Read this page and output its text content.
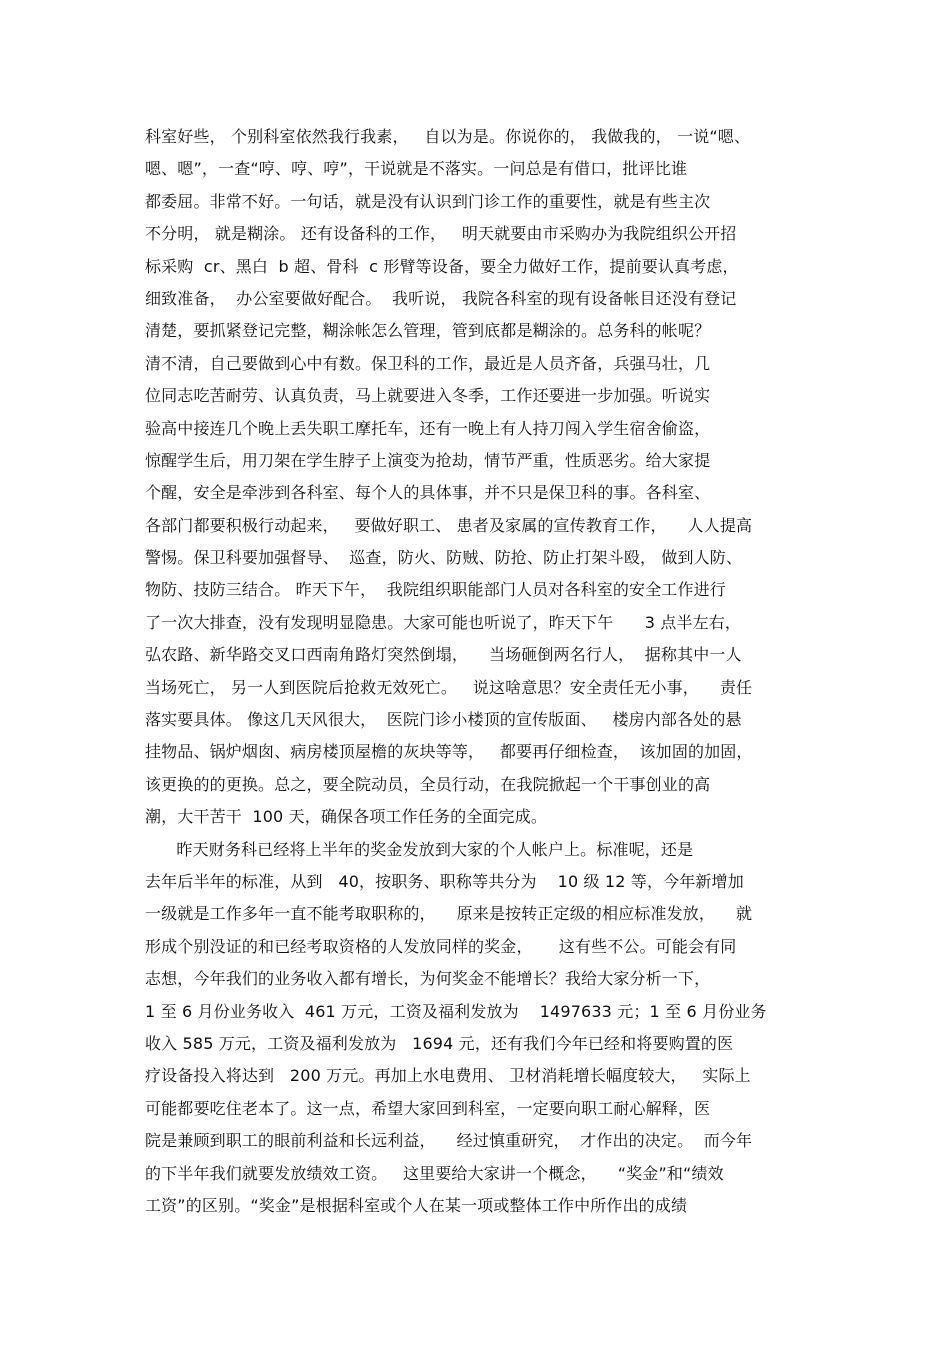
科室好些， 个别科室依然我行我素，   自以为是。你说你的， 我做我的， 一说“嗯、
嗯、嗯”，一查“哼、哼、哼”，干说就是不落实。一问总是有借口，批评比谁
都委屈。非常不好。一句话，就是没有认识到门诊工作的重要性，就是有些主次
不分明， 就是糊涂。 还有设备科的工作，   明天就要由市采购办为我院组织公开招
标采购  cr、黑白  b 超、骨科  c 形臂等设备，要全力做好工作，提前要认真考虑，
细致准备，  办公室要做好配合。  我听说， 我院各科室的现有设备帐目还没有登记
清楚，要抓紧登记完整，糊涂帐怎么管理，管到底都是糊涂的。总务科的帐呢？
清不清，自己要做到心中有数。保卫科的工作，最近是人员齐备，兵强马壮，几
位同志吃苦耐劳、认真负责，马上就要进入冬季，工作还要进一步加强。听说实
验高中接连几个晚上丢失职工摩托车，还有一晚上有人持刀闯入学生宿舍偷盗，
惊醒学生后，用刀架在学生脖子上演变为抢劫，情节严重，性质恶劣。给大家提
个醒，安全是牵涉到各科室、每个人的具体事，并不只是保卫科的事。各科室、
各部门都要积极行动起来，   要做好职工、 患者及家属的宣传教育工作，    人人提高
警惕。保卫科要加强督导、  巡查，防火、防贼、防抢、防止打架斗殴， 做到人防、
物防、技防三结合。 昨天下午，  我院组织职能部门人员对各科室的安全工作进行
了一次大排查，没有发现明显隐患。大家可能也听说了，昨天下午      3 点半左右，
弘农路、新华路交叉口西南角路灯突然倒塌，    当场砸倒两名行人，  据称其中一人
当场死亡， 另一人到医院后抢救无效死亡。   说这啥意思？安全责任无小事，    责任
落实要具体。 像这几天风很大，  医院门诊小楼顶的宣传版面、   楼房内部各处的悬
挂物品、锅炉烟囱、病房楼顶屋檐的灰块等等，   都要再仔细检查，  该加固的加固，
该更换的的更换。总之，要全院动员，全员行动，在我院掀起一个干事创业的高
潮，大干苦干  100 天，确保各项工作任务的全面完成。
昨天财务科已经将上半年的奖金发放到大家的个人帐户上。标准呢，还是
去年后半年的标准，从到   40，按职务、职称等共分为    10 级 12 等，今年新增加
一级就是工作多年一直不能考取职称的，    原来是按转正定级的相应标准发放，    就
形成个别没证的和已经考取资格的人发放同样的奖金，     这有些不公。可能会有同
志想，今年我们的业务收入都有增长，为何奖金不能增长？我给大家分析一下，
1 至 6 月份业务收入  461 万元，工资及福利发放为    1497633 元；1 至 6 月份业务
收入 585 万元，工资及福利发放为   1694 元，还有我们今年已经和将要购置的医
疗设备投入将达到   200 万元。再加上水电费用、 卫材消耗增长幅度较大，   实际上
可能都要吃住老本了。这一点，希望大家回到科室，一定要向职工耐心解释，医
院是兼顾到职工的眼前利益和长远利益，    经过慎重研究，  才作出的决定。  而今年
的下半年我们就要发放绩效工资。   这里要给大家讲一个概念，    “奖金”和“绩效
工资”的区别。“奖金”是根据科室或个人在某一项或整体工作中所作出的成绩
